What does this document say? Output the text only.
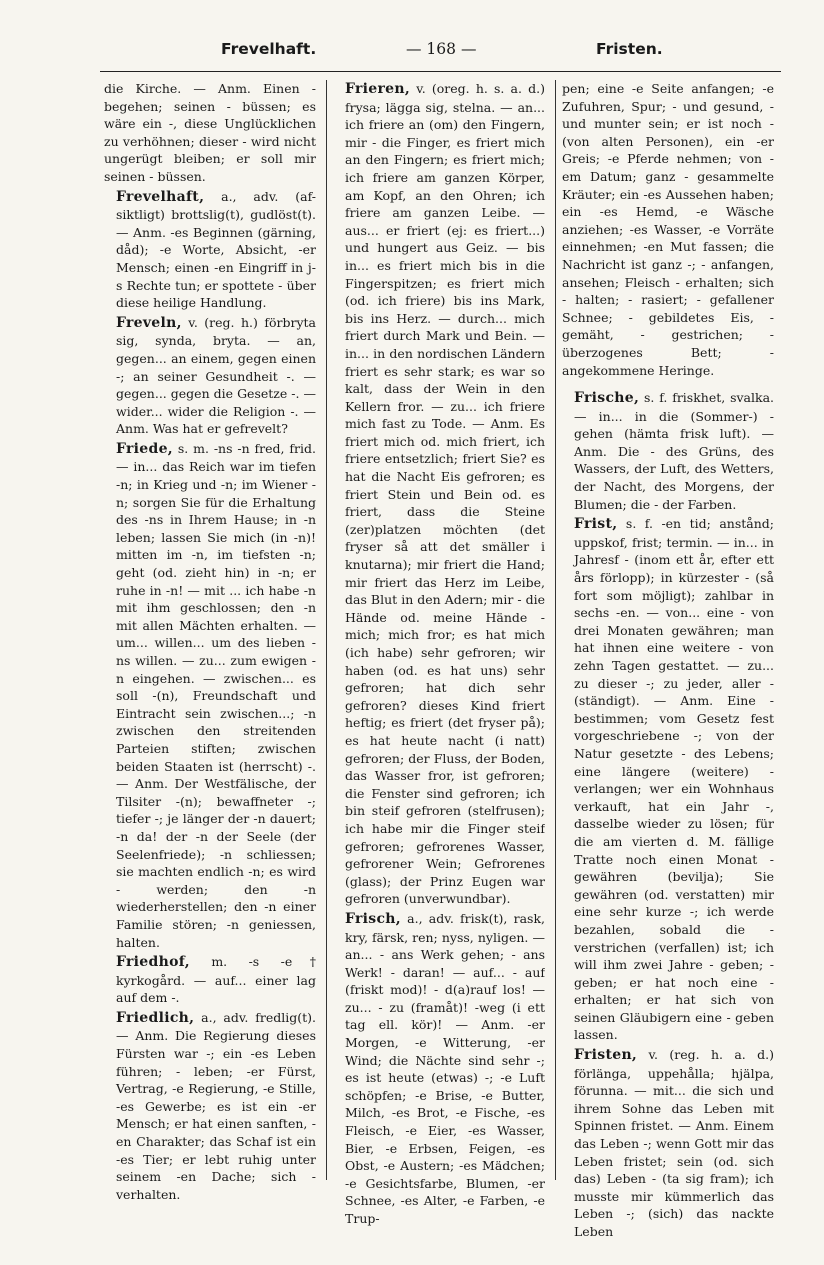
Frevelhaft.	— 168 —	Fristen.

die Kirche. — Anm. Einen - begehen; seinen - büssen; es wäre ein -, diese Unglücklichen zu verhöhnen; dieser - wird nicht ungerügt bleiben; er soll mir seinen - büssen.

Frevelhaft, a., adv. (af-siktligt) brottslig(t), gudlöst(t). — Anm. -es Beginnen (gärning, dåd); -e Worte, Absicht, -er Mensch; einen -en Eingriff in j-s Rechte tun; er spottete - über diese heilige Handlung.

Freveln, v. (reg. h.) förbryta sig, synda, bryta. — an, gegen... an einem, gegen einen -; an seiner Gesundheit -. — gegen... gegen die Gesetze -. — wider... wider die Religion -. — Anm. Was hat er gefrevelt?

Friede, s. m. -ns -n fred, frid. — in... das Reich war im tiefen -n; in Krieg und -n; im Wiener -n; sorgen Sie für die Erhaltung des -ns in Ihrem Hause; in -n leben; lassen Sie mich (in -n)! mitten im -n, im tiefsten -n; geht (od. zieht hin) in -n; er ruhe in -n! — mit ... ich habe -n mit ihm geschlossen; den -n mit allen Mächten erhalten. — um... willen... um des lieben -ns willen. — zu... zum ewigen -n eingehen. — zwischen... es soll -(n), Freundschaft und Eintracht sein zwischen...; -n zwischen den streitenden Parteien stiften; zwischen beiden Staaten ist (herrscht) -. — Anm. Der Westfälische, der Tilsiter -(n); bewaffneter -; tiefer -; je länger der -n dauert; -n da! der -n der Seele (der Seelenfriede); -n schliessen; sie machten endlich -n; es wird - werden; den -n wiederherstellen; den -n einer Familie stören; -n geniessen, halten.

Friedhof, m. -s -e† kyrkogård. — auf... einer lag auf dem -.

Friedlich, a., adv. fredlig(t). — Anm. Die Regierung dieses Fürsten war -; ein -es Leben führen; - leben; -er Fürst, Vertrag, -e Regierung, -e Stille, -es Gewerbe; es ist ein -er Mensch; er hat einen sanften, -en Charakter; das Schaf ist ein -es Tier; er lebt ruhig unter seinem -en Dache; sich - verhalten.

Frieren, v. (oreg. h. s. a. d.) frysa; lägga sig, stelna. — an... ich friere an (om) den Fingern, mir - die Finger, es friert mich an den Fingern; es friert mich; ich friere am ganzen Körper, am Kopf, an den Ohren; ich friere am ganzen Leibe. — aus... er friert (ej: es friert...) und hungert aus Geiz. — bis in... es friert mich bis in die Fingerspitzen; es friert mich (od. ich friere) bis ins Mark, bis ins Herz. — durch... mich friert durch Mark und Bein. — in... in den nordischen Ländern friert es sehr stark; es war so kalt, dass der Wein in den Kellern fror. — zu... ich friere mich fast zu Tode. — Anm. Es friert mich od. mich friert, ich friere entsetzlich; friert Sie? es hat die Nacht Eis gefroren; es friert Stein und Bein od. es friert, dass die Steine (zer)platzen möchten (det fryser så att det smäller i knutarna); mir friert die Hand; mir friert das Herz im Leibe, das Blut in den Adern; mir - die Hände od. meine Hände - mich; mich fror; es hat mich (ich habe) sehr gefroren; wir haben (od. es hat uns) sehr gefroren; hat dich sehr gefroren? dieses Kind friert heftig; es friert (det fryser på); es hat heute nacht (i natt) gefroren; der Fluss, der Boden, das Wasser fror, ist gefroren; die Fenster sind gefroren; ich bin steif gefroren (stelfrusen); ich habe mir die Finger steif gefroren; gefrorenes Wasser, gefrorener Wein; Gefrorenes (glass); der Prinz Eugen war gefroren (unverwundbar).

Frisch, a., adv. frisk(t), rask, kry, färsk, ren; nyss, nyligen. — an... - ans Werk gehen; - ans Werk! - daran! — auf... - auf (friskt mod)! - d(a)rauf los! — zu... - zu (framåt)! -weg (i ett tag ell. kör)! — Anm. -er Morgen, -e Witterung, -er Wind; die Nächte sind sehr -; es ist heute (etwas) -; -e Luft schöpfen; -e Brise, -e Butter, Milch, -es Brot, -e Fische, -es Fleisch, -e Eier, -es Wasser, Bier, -e Erbsen, Feigen, -es Obst, -e Austern; -es Mädchen; -e Gesichtsfarbe, Blumen, -er Schnee, -es Alter, -e Farben, -e Trup-

pen; eine -e Seite anfangen; -e Zufuhren, Spur; - und gesund, - und munter sein; er ist noch - (von alten Personen), ein -er Greis; -e Pferde nehmen; von -em Datum; ganz - gesammelte Kräuter; ein -es Aussehen haben; ein -es Hemd, -e Wäsche anziehen; -es Wasser, -e Vorräte einnehmen; -en Mut fassen; die Nachricht ist ganz -; - anfangen, ansehen; Fleisch - erhalten; sich - halten; - rasiert; - gefallener Schnee; - gebildetes Eis, - gemäht, - gestrichen; - überzogenes Bett; - angekommene Heringe.

Frische, s. f. friskhet, svalka. — in... in die (Sommer-) - gehen (hämta frisk luft). — Anm. Die - des Grüns, des Wassers, der Luft, des Wetters, der Nacht, des Morgens, der Blumen; die - der Farben.

Frist, s. f. -en tid; anstånd; uppskof, frist; termin. — in... in Jahresf - (inom ett år, efter ett års förlopp); in kürzester - (så fort som möjligt); zahlbar in sechs -en. — von... eine - von drei Monaten gewähren; man hat ihnen eine weitere - von zehn Tagen gestattet. — zu... zu dieser -; zu jeder, aller - (ständigt). — Anm. Eine - bestimmen; vom Gesetz fest vorgeschriebene -; von der Natur gesetzte - des Lebens; eine längere (weitere) - verlangen; wer ein Wohnhaus verkauft, hat ein Jahr -, dasselbe wieder zu lösen; für die am vierten d. M. fällige Tratte noch einen Monat - gewähren (bevilja); Sie gewähren (od. verstatten) mir eine sehr kurze -; ich werde bezahlen, sobald die - verstrichen (verfallen) ist; ich will ihm zwei Jahre - geben; - geben; er hat noch eine - erhalten; er hat sich von seinen Gläubigern eine - geben lassen.

Fristen, v. (reg. h. a. d.) förlänga, uppehålla; hjälpa, förunna. — mit... die sich und ihrem Sohne das Leben mit Spinnen fristet. — Anm. Einem das Leben -; wenn Gott mir das Leben fristet; sein (od. sich das) Leben - (ta sig fram); ich musste mir kümmerlich das Leben -; (sich) das nackte Leben
